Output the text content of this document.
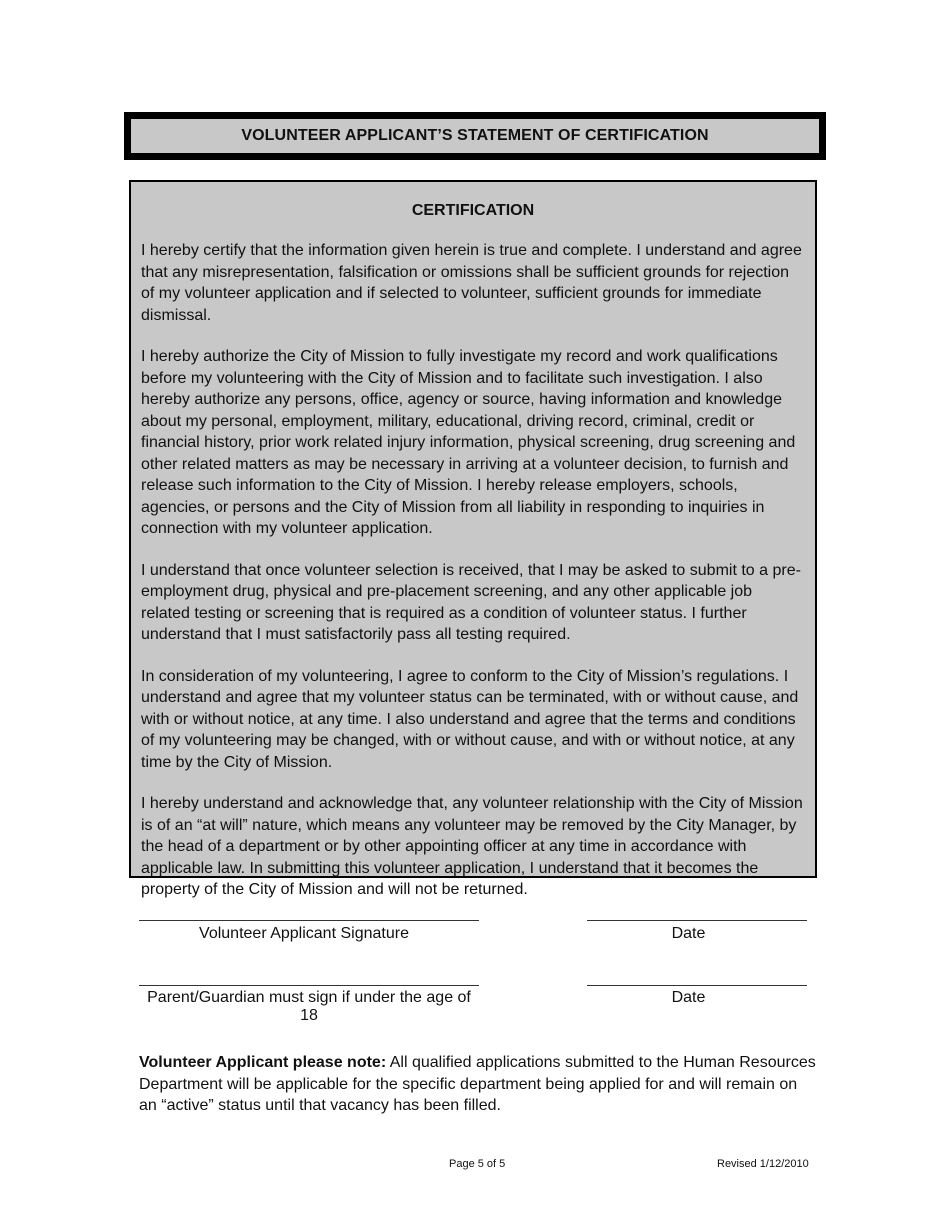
VOLUNTEER APPLICANT’S STATEMENT OF CERTIFICATION
CERTIFICATION

I hereby certify that the information given herein is true and complete. I understand and agree that any misrepresentation, falsification or omissions shall be sufficient grounds for rejection of my volunteer application and if selected to volunteer, sufficient grounds for immediate dismissal.

I hereby authorize the City of Mission to fully investigate my record and work qualifications before my volunteering with the City of Mission and to facilitate such investigation. I also hereby authorize any persons, office, agency or source, having information and knowledge about my personal, employment, military, educational, driving record, criminal, credit or financial history, prior work related injury information, physical screening, drug screening and other related matters as may be necessary in arriving at a volunteer decision, to furnish and release such information to the City of Mission. I hereby release employers, schools, agencies, or persons and the City of Mission from all liability in responding to inquiries in connection with my volunteer application.

I understand that once volunteer selection is received, that I may be asked to submit to a pre-employment drug, physical and pre-placement screening, and any other applicable job related testing or screening that is required as a condition of volunteer status. I further understand that I must satisfactorily pass all testing required.

In consideration of my volunteering, I agree to conform to the City of Mission’s regulations. I understand and agree that my volunteer status can be terminated, with or without cause, and with or without notice, at any time. I also understand and agree that the terms and conditions of my volunteering may be changed, with or without cause, and with or without notice, at any time by the City of Mission.

I hereby understand and acknowledge that, any volunteer relationship with the City of Mission is of an “at will” nature, which means any volunteer may be removed by the City Manager, by the head of a department or by other appointing officer at any time in accordance with applicable law. In submitting this volunteer application, I understand that it becomes the property of the City of Mission and will not be returned.

Volunteer Applicant Signature	Date
Parent/Guardian must sign if under the age of 18
Date
Volunteer Applicant please note: All qualified applications submitted to the Human Resources Department will be applicable for the specific department being applied for and will remain on an “active” status until that vacancy has been filled.
Page 5 of 5	Revised 1/12/2010
